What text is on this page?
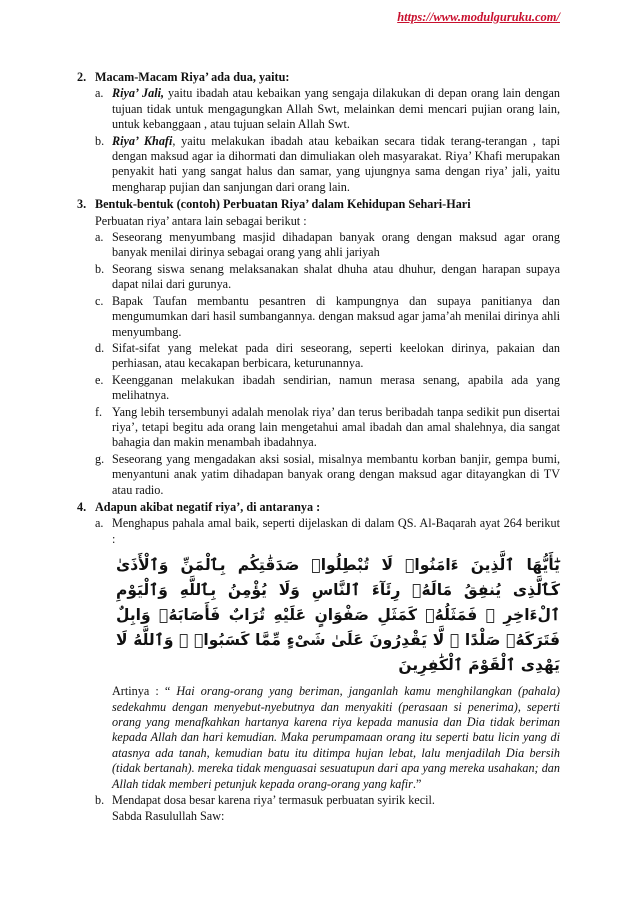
https://www.modulguruku.com/
2. Macam-Macam Riya’ ada dua, yaitu:
a. Riya’ Jali, yaitu ibadah atau kebaikan yang sengaja dilakukan di depan orang lain dengan tujuan tidak untuk mengagungkan Allah Swt, melainkan demi mencari pujian orang lain, untuk kebanggaan , atau tujuan selain Allah Swt.
b. Riya’ Khafi, yaitu melakukan ibadah atau kebaikan secara tidak terang-terangan , tapi dengan maksud agar ia dihormati dan dimuliakan oleh masyarakat. Riya’ Khafi merupakan penyakit hati yang sangat halus dan samar, yang ujungnya sama dengan riya’ jali, yaitu mengharap pujian dan sanjungan dari orang lain.
3. Bentuk-bentuk (contoh) Perbuatan Riya’ dalam Kehidupan Sehari-Hari
Perbuatan riya’ antara lain sebagai berikut :
a. Seseorang menyumbang masjid dihadapan banyak orang dengan maksud agar orang banyak menilai dirinya sebagai orang yang ahli jariyah
b. Seorang siswa senang melaksanakan shalat dhuha atau dhuhur, dengan harapan supaya dapat nilai dari gurunya.
c. Bapak Taufan membantu pesantren di kampungnya dan supaya panitianya dan mengumumkan dari hasil sumbangannya. dengan maksud agar jama’ah menilai dirinya ahli menyumbang.
d. Sifat-sifat yang melekat pada diri seseorang, seperti keelokan dirinya, pakaian dan perhiasan, atau kecakapan berbicara, keturunannya.
e. Keengganan melakukan ibadah sendirian, namun merasa senang, apabila ada yang melihatnya.
f. Yang lebih tersembunyi adalah menolak riya’ dan terus beribadah tanpa sedikit pun disertai riya’, tetapi begitu ada orang lain mengetahui amal ibadah dan amal shalehnya, dia sangat bahagia dan makin menambah ibadahnya.
g. Seseorang yang mengadakan aksi sosial, misalnya membantu korban banjir, gempa bumi, menyantuni anak yatim dihadapan banyak orang dengan maksud agar ditayangkan di TV atau radio.
4. Adapun akibat negatif riya’, di antaranya :
a. Menghapus pahala amal baik, seperti dijelaskan di dalam QS. Al-Baqarah ayat 264 berikut :
يَٰٓأَيُّهَا ٱلَّذِينَ ءَامَنُوا۟ لَا تُبْطِلُوا۟ صَدَقَٰتِكُم بِٱلْمَنِّ وَٱلْأَذَىٰ كَٱلَّذِى يُنفِقُ مَالَهُۥ رِئَآءَ ٱلنَّاسِ وَلَا يُؤْمِنُ بِٱللَّهِ وَٱلْيَوْمِ ٱلْءَاخِرِ ۖ فَمَثَلُهُۥ كَمَثَلِ صَفْوَانٍ عَلَيْهِ تُرَابٌ فَأَصَابَهُۥ وَابِلٌ فَتَرَكَهُۥ صَلْدًا ۖ لَّا يَقْدِرُونَ عَلَىٰ شَىْءٍ مِّمَّا كَسَبُوا۟ ۗ وَٱللَّهُ لَا يَهْدِى ٱلْقَوْمَ ٱلْكَٰفِرِينَ
Artinya : “ Hai orang-orang yang beriman, janganlah kamu menghilangkan (pahala) sedekahmu dengan menyebut-nyebutnya dan menyakiti (perasaan si penerima), seperti orang yang menafkahkan hartanya karena riya kepada manusia dan Dia tidak beriman kepada Allah dan hari kemudian. Maka perumpamaan orang itu seperti batu licin yang di atasnya ada tanah, kemudian batu itu ditimpa hujan lebat, lalu menjadilah Dia bersih (tidak bertanah). mereka tidak menguasai sesuatupun dari apa yang mereka usahakan; dan Allah tidak memberi petunjuk kepada orang-orang yang kafir.”
b. Mendapat dosa besar karena riya’ termasuk perbuatan syirik kecil.
Sabda Rasulullah Saw:
